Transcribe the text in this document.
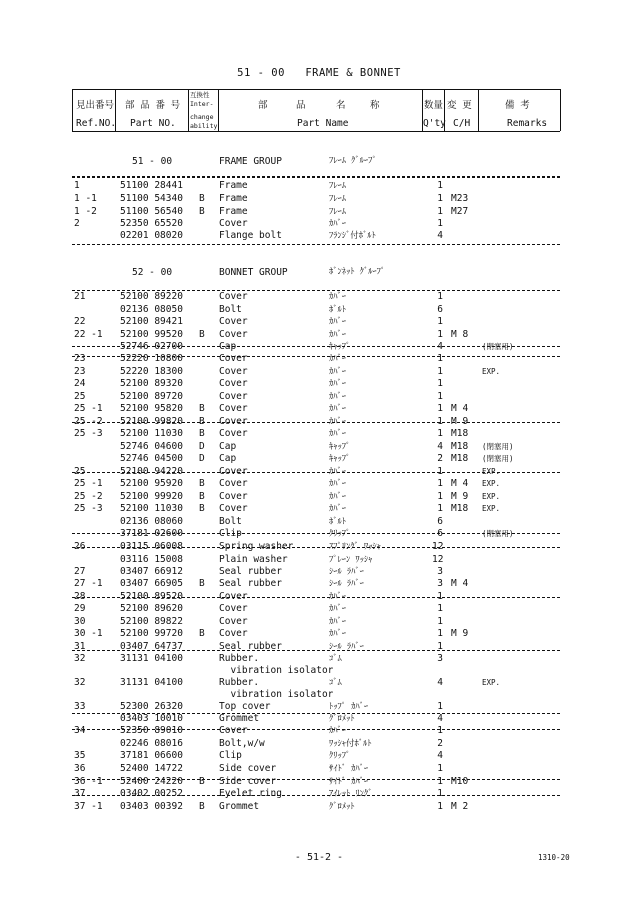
51 - 00   FRAME & BONNET
見出番号 部 品 番 号
互換性
Inter-
change
ability
部	品	名	称	数量 変 更	備 考
Ref.NO. Part NO.	Part Name	Q'ty C/H	Remarks
51 - 00	FRAME GROUP	ﾌﾚｰﾑ ｸﾞﾙｰﾌﾟ
52 - 00	BONNET GROUP	ﾎﾞﾝﾈｯﾄ ｸﾞﾙｰﾌﾟ
1	51100 28441	Frame	ﾌﾚｰﾑ	1
1 -1	51100 54340 B Frame	ﾌﾚｰﾑ	1 M23
1 -2	51100 56540 B Frame	ﾌﾚｰﾑ	1 M27
2	52350 65520	Cover	ｶﾊﾞｰ	1
02201 08020	Flange bolt	ﾌﾗﾝｼﾞ付ﾎﾞﾙﾄ	4
21	52100 89220	Cover	ｶﾊﾞｰ	1
02136 08050	Bolt	ﾎﾞﾙﾄ	6
22	52100 89421	Cover	ｶﾊﾞｰ	1
22 -1	52100 99520 B Cover	ｶﾊﾞｰ	1 M 8
52746 02700	Cap	ｷｬｯﾌﾟ	4	(閉塞用)
23	52220 10800	Cover	ｶﾊﾞｰ	1
23	52220 18300	Cover	ｶﾊﾞｰ	1	EXP.
24	52100 89320	Cover	ｶﾊﾞｰ	1
25	52100 89720	Cover	ｶﾊﾞｰ	1
25 -1	52100 95820 B Cover	ｶﾊﾞｰ	1 M 4
25 -2	52100 99820 B Cover	ｶﾊﾞｰ	1 M 9
25 -3	52100 11030 B Cover	ｶﾊﾞｰ	1 M18
52746 04600 D Cap	ｷｬｯﾌﾟ	4 M18 (閉塞用)
52746 04500 D Cap	ｷｬｯﾌﾟ	2 M18 (閉塞用)
25	52100 94220	Cover	ｶﾊﾞｰ	1	EXP.
25 -1	52100 95920 B Cover	ｶﾊﾞｰ	1 M 4 EXP.
25 -2	52100 99920 B Cover	ｶﾊﾞｰ	1 M 9 EXP.
25 -3	52100 11030 B Cover	ｶﾊﾞｰ	1 M18 EXP.
02136 08060	Bolt	ﾎﾞﾙﾄ	6
37181 02600	Clip	ｸﾘｯﾌﾟ	6	(閉塞用)
26	03115 06008	Spring washer	ｽﾌﾟﾘﾝｸﾞ ﾜｯｼｬ	12
03116 15008	Plain washer	ﾌﾟﾚｰﾝ ﾜｯｼｬ	12
27	03407 66912	Seal rubber	ｼｰﾙ ﾗﾊﾞｰ	3
27 -1	03407 66905 B Seal rubber	ｼｰﾙ ﾗﾊﾞｰ	3 M 4
28	52100 89520	Cover	ｶﾊﾞｰ	1
29	52100 89620	Cover	ｶﾊﾞｰ	1
30	52100 89822	Cover	ｶﾊﾞｰ	1
30 -1	52100 99720 B Cover	ｶﾊﾞｰ	1 M 9
31	03407 64737	Seal rubber	ｼｰﾙ ﾗﾊﾞｰ	1
32	31131 04100	Rubber.	ｺﾞﾑ	3
vibration isolator
32	31131 04100	Rubber.	ｺﾞﾑ	4	EXP.
vibration isolator
33	52300 26320	Top cover	ﾄｯﾌﾟ ｶﾊﾞｰ	1
03403 10010	Grommet	ｸﾞﾛﾒｯﾄ	4
34	52350 89010	Cover	ｶﾊﾞｰ	1
02246 08016	Bolt,w/w	ﾜｯｼｬ付ﾎﾞﾙﾄ	2
35	37181 06600	Clip	ｸﾘｯﾌﾟ	4
36	52400 14722	Side cover	ｻｲﾄﾞ ｶﾊﾞｰ	1
36 -1	52400 24220 B Side cover	ｻｲﾄﾞ ｶﾊﾞｰ	1 M10
37	03402 00252	Eyelet ring	ｱｲﾚｯﾄ ﾘﾝｸﾞ	1
37 -1	03403 00392 B Grommet	ｸﾞﾛﾒｯﾄ	1 M 2
- 51-2 -	1310-20
